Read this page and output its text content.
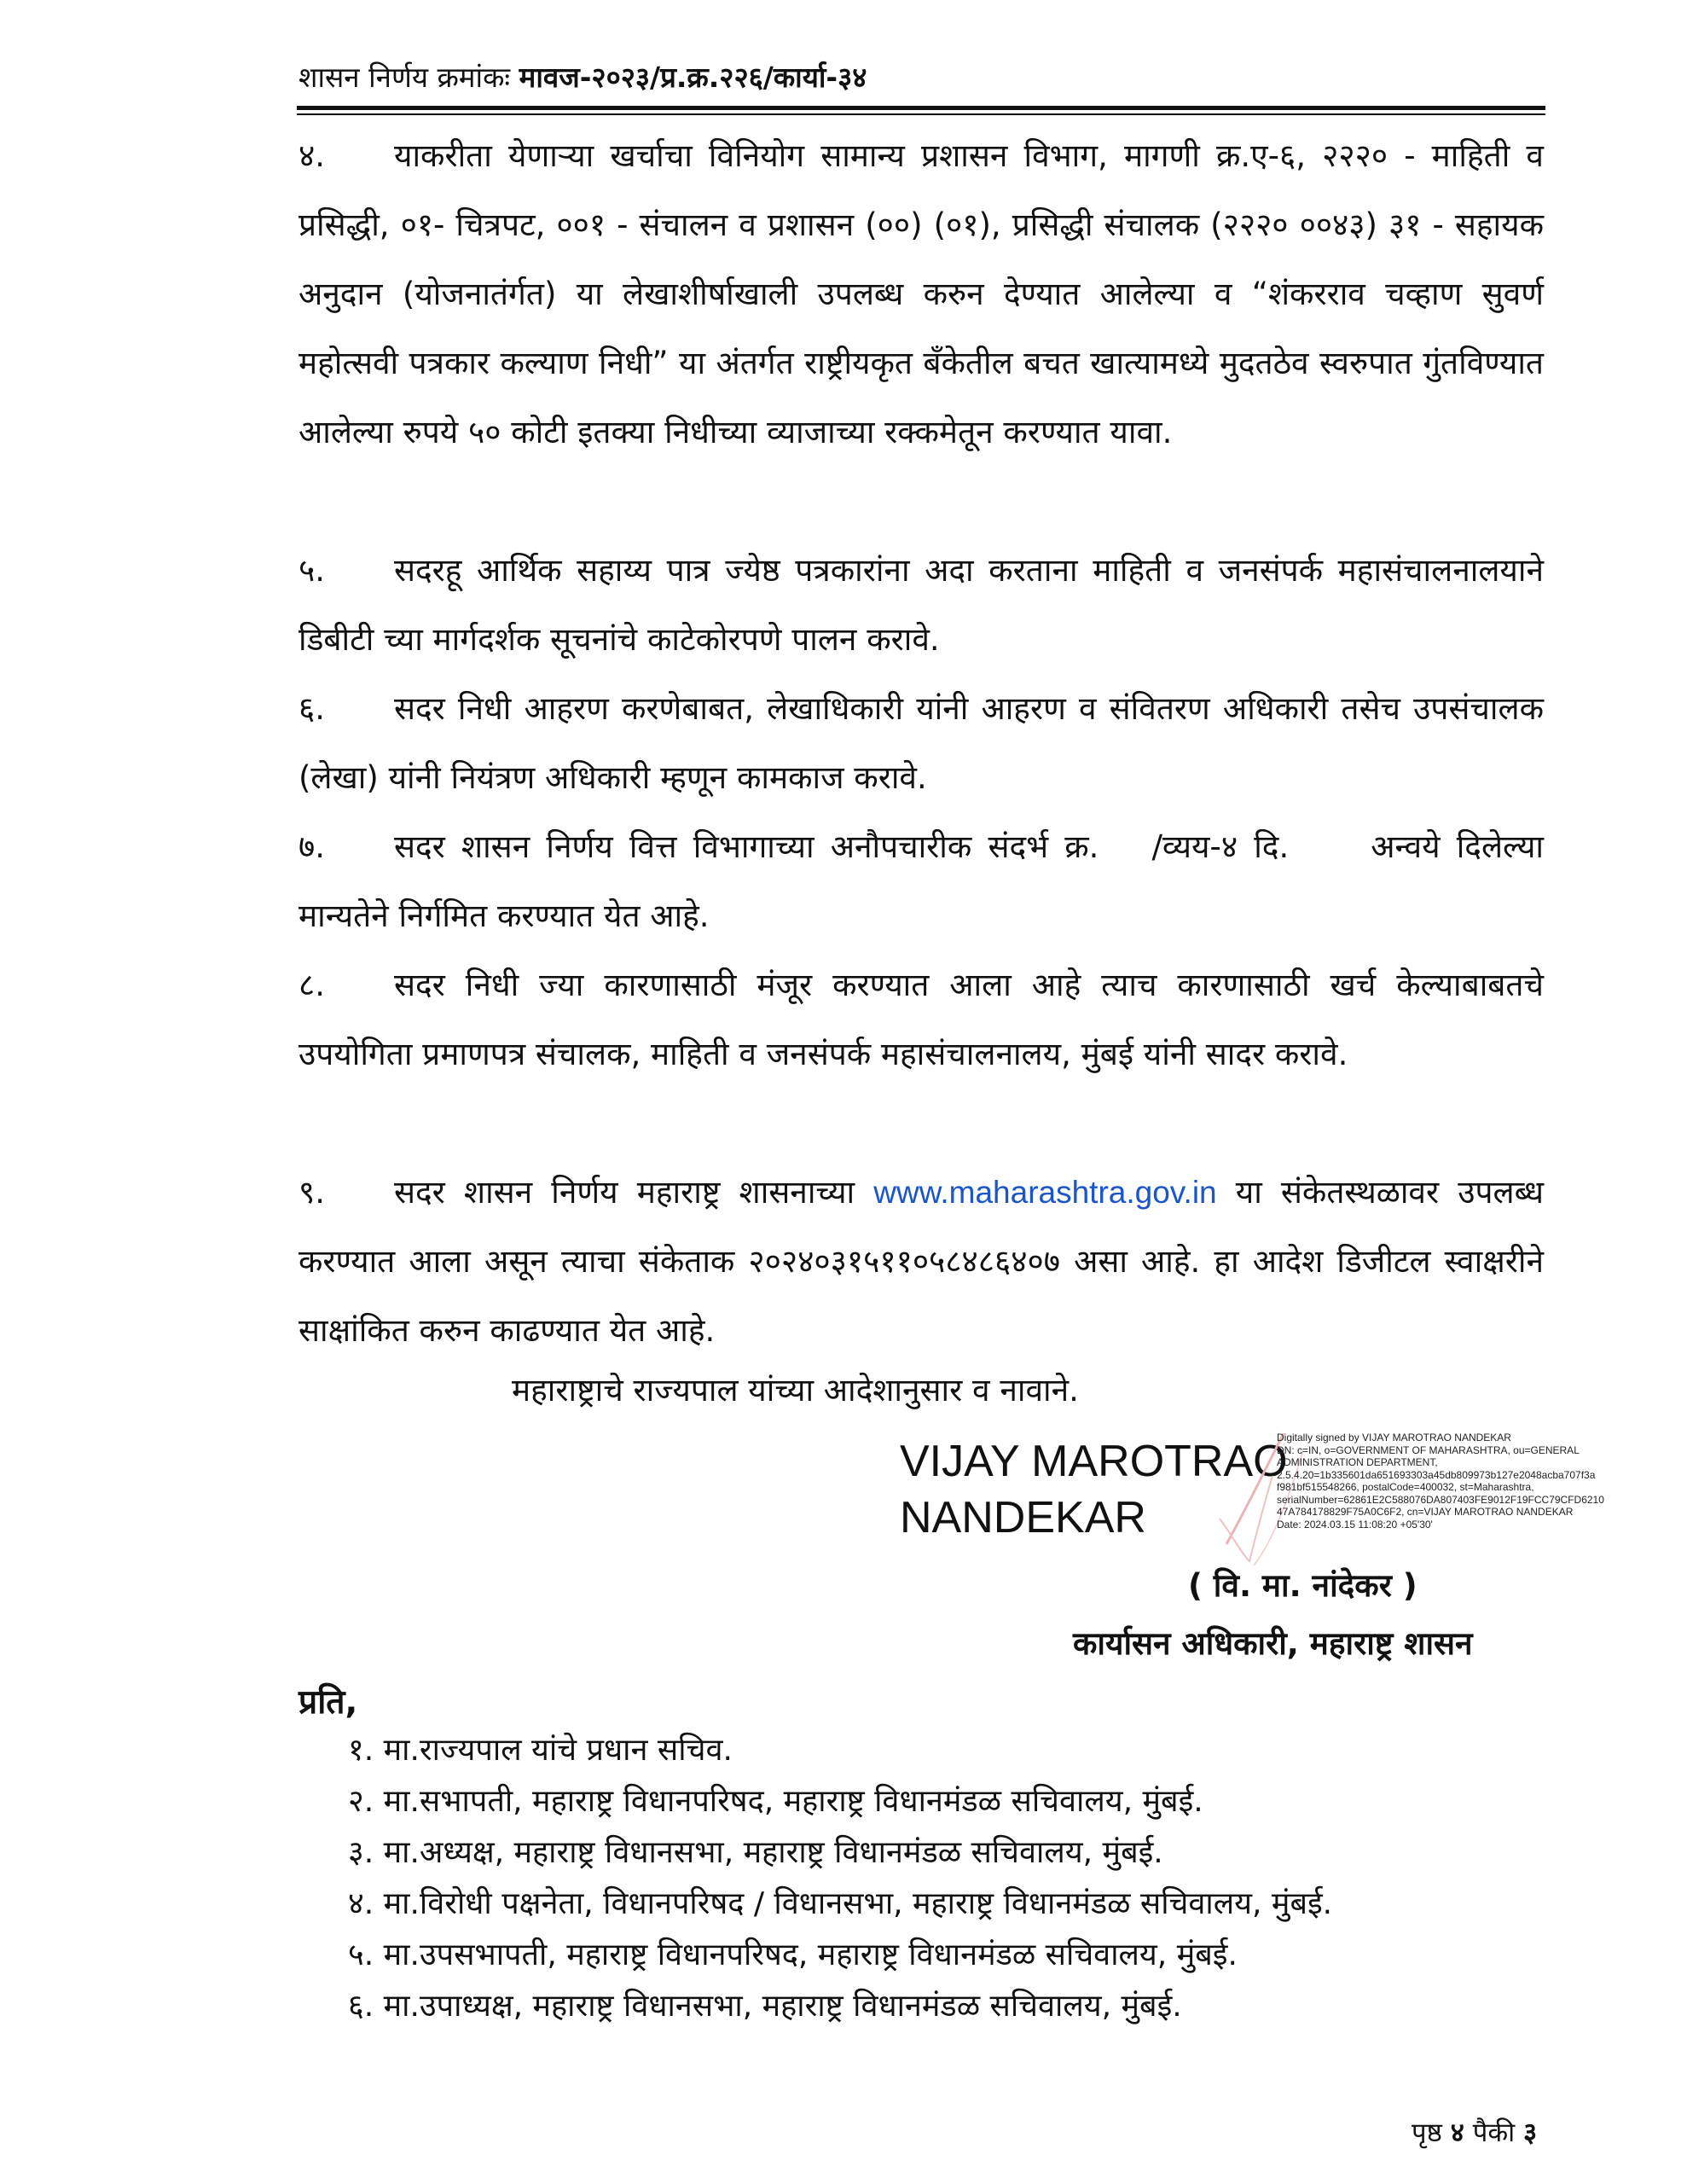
शासन निर्णय क्रमांकः मावज-२०२३/प्र.क्र.२२६/कार्या-३४
४. याकरीता येणाऱ्या खर्चाचा विनियोग सामान्य प्रशासन विभाग, मागणी क्र.ए-६, २२२० - माहिती व प्रसिद्धी, ०१- चित्रपट, ००१ - संचालन व प्रशासन (००) (०१), प्रसिद्धी संचालक (२२२० ००४३) ३१ - सहायक अनुदान (योजनातंर्गत) या लेखाशीर्षाखाली उपलब्ध करुन देण्यात आलेल्या व “शंकरराव चव्हाण सुवर्ण महोत्सवी पत्रकार कल्याण निधी” या अंतर्गत राष्ट्रीयकृत बँकेतील बचत खात्यामध्ये मुदतठेव स्वरुपात गुंतविण्यात आलेल्या रुपये ५० कोटी इतक्या निधीच्या व्याजाच्या रक्कमेतून करण्यात यावा.
५. सदरहू आर्थिक सहाय्य पात्र ज्येष्ठ पत्रकारांना अदा करताना माहिती व जनसंपर्क महासंचालनालयाने डिबीटी च्या मार्गदर्शक सूचनांचे काटेकोरपणे पालन करावे.
६. सदर निधी आहरण करणेबाबत, लेखाधिकारी यांनी आहरण व संवितरण अधिकारी तसेच उपसंचालक (लेखा) यांनी नियंत्रण अधिकारी म्हणून कामकाज करावे.
७. सदर शासन निर्णय वित्त विभागाच्या अनौपचारीक संदर्भ क्र. /व्यय-४ दि.	अन्वये दिलेल्या मान्यतेने निर्गमित करण्यात येत आहे.
८. सदर निधी ज्या कारणासाठी मंजूर करण्यात आला आहे त्याच कारणासाठी खर्च केल्याबाबतचे उपयोगिता प्रमाणपत्र संचालक, माहिती व जनसंपर्क महासंचालनालय, मुंबई यांनी सादर करावे.
९. सदर शासन निर्णय महाराष्ट्र शासनाच्या www.maharashtra.gov.in या संकेतस्थळावर उपलब्ध करण्यात आला असून त्याचा संकेताक २०२४०३१५११०५८४८६४०७ असा आहे. हा आदेश डिजीटल स्वाक्षरीने साक्षांकित करुन काढण्यात येत आहे.
महाराष्ट्राचे राज्यपाल यांच्या आदेशानुसार व नावाने.
VIJAY MAROTRAO
NANDEKAR
Digitally signed by VIJAY MAROTRAO NANDEKAR
DN: c=IN, o=GOVERNMENT OF MAHARASHTRA, ou=GENERAL
ADMINISTRATION DEPARTMENT,
2.5.4.20=1b335601da651693303a45db809973b127e2048acba707f3a
f981bf515548266, postalCode=400032, st=Maharashtra,
serialNumber=62861E2C588076DA807403FE9012F19FCC79CFD6210
47A784178829F75A0C6F2, cn=VIJAY MAROTRAO NANDEKAR
Date: 2024.03.15 11:08:20 +05'30'
( वि. मा. नांदेकर )
कार्यासन अधिकारी, महाराष्ट्र शासन
प्रति,
१. मा.राज्यपाल यांचे प्रधान सचिव.
२. मा.सभापती, महाराष्ट्र विधानपरिषद, महाराष्ट्र विधानमंडळ सचिवालय, मुंबई.
३. मा.अध्यक्ष, महाराष्ट्र विधानसभा, महाराष्ट्र विधानमंडळ सचिवालय, मुंबई.
४. मा.विरोधी पक्षनेता, विधानपरिषद / विधानसभा, महाराष्ट्र विधानमंडळ सचिवालय, मुंबई.
५. मा.उपसभापती, महाराष्ट्र विधानपरिषद, महाराष्ट्र विधानमंडळ सचिवालय, मुंबई.
६. मा.उपाध्यक्ष, महाराष्ट्र विधानसभा, महाराष्ट्र विधानमंडळ सचिवालय, मुंबई.
पृष्ठ ४ पैकी ३
